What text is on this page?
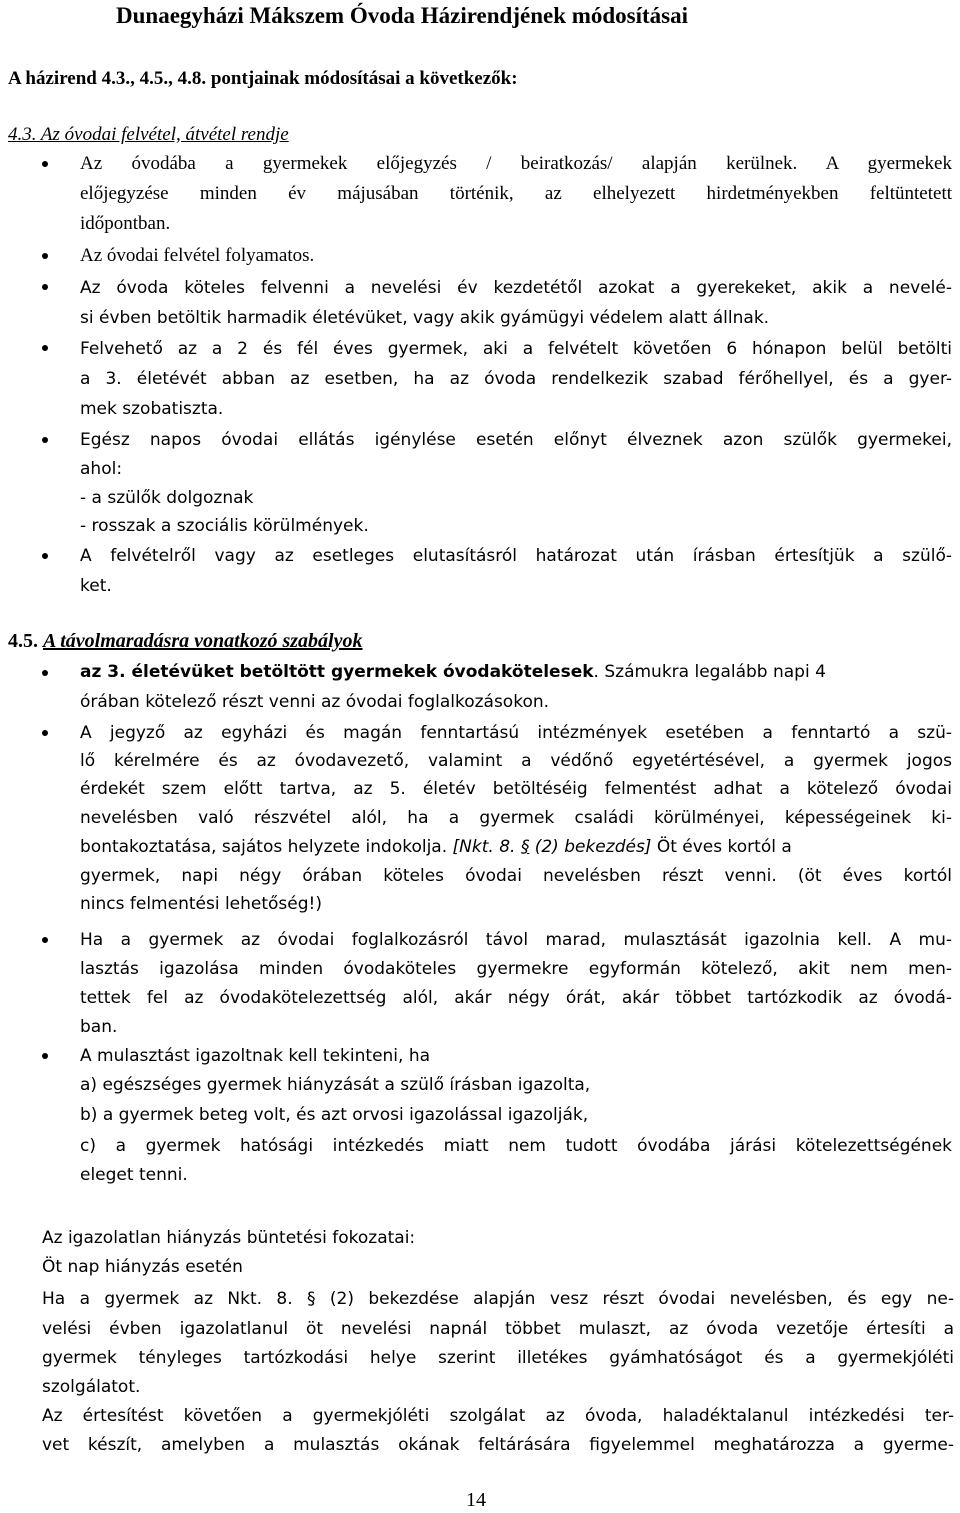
Dunaegyházi Mákszem Óvoda Házirendjének módosításai

A házirend 4.3., 4.5., 4.8. pontjainak módosításai a következők:

4.3. Az óvodai felvétel, átvétel rendje

Az óvodába a gyermekek előjegyzés / beiratkozás/ alapján kerülnek. A gyermekek

előjegyzése minden év májusában történik, az elhelyezett hirdetményekben feltüntetett

időpontban.

Az óvodai felvétel folyamatos.

Az óvoda köteles felvenni a nevelési év kezdetétől azokat a gyerekeket, akik a nevelé-

si évben betöltik harmadik életévüket, vagy akik gyámügyi védelem alatt állnak.

Felvehető az a 2 és fél éves gyermek, aki a felvételt követően 6 hónapon belül betölti

a 3. életévét abban az esetben, ha az óvoda rendelkezik szabad férőhellyel, és a gyer-

mek szobatiszta.

Egész napos óvodai ellátás igénylése esetén előnyt élveznek azon szülők gyermekei,

ahol:

- a szülők dolgoznak

- rosszak a szociális körülmények.

A felvételről vagy az esetleges elutasításról határozat után írásban értesítjük a szülő-

ket.

4.5. A távolmaradásra vonatkozó szabályok

az 3. életévüket betöltött gyermekek óvodakötelesek. Számukra legalább napi 4

órában kötelező részt venni az óvodai foglalkozásokon.

A jegyző az egyházi és magán fenntartású intézmények esetében a fenntartó a szü-

lő kérelmére és az óvodavezető, valamint a védőnő egyetértésével, a gyermek jogos

érdekét szem előtt tartva, az 5. életév betöltéséig felmentést adhat a kötelező óvodai

nevelésben való részvétel alól, ha a gyermek családi körülményei, képességeinek ki-

bontakoztatása, sajátos helyzete indokolja. [Nkt. 8. § (2) bekezdés] Öt éves kortól a

gyermek, napi négy órában köteles óvodai nevelésben részt venni. (öt éves kortól

nincs felmentési lehetőség!)

Ha a gyermek az óvodai foglalkozásról távol marad, mulasztását igazolnia kell. A mu-

lasztás igazolása minden óvodaköteles gyermekre egyformán kötelező, akit nem men-

tettek fel az óvodakötelezettség alól, akár négy órát, akár többet tartózkodik az óvodá-

ban.

A mulasztást igazoltnak kell tekinteni, ha

a) egészséges gyermek hiányzását a szülő írásban igazolta,

b) a gyermek beteg volt, és azt orvosi igazolással igazolják,

c) a gyermek hatósági intézkedés miatt nem tudott óvodába járási kötelezettségének

eleget tenni.

Az igazolatlan hiányzás büntetési fokozatai:

Öt nap hiányzás esetén

Ha a gyermek az Nkt. 8. § (2) bekezdése alapján vesz részt óvodai nevelésben, és egy ne-

velési évben igazolatlanul öt nevelési napnál többet mulaszt, az óvoda vezetője értesíti a

gyermek tényleges tartózkodási helye szerint illetékes gyámhatóságot és a gyermekjóléti

szolgálatot.

Az értesítést követően a gyermekjóléti szolgálat az óvoda, haladéktalanul intézkedési ter-

vet készít, amelyben a mulasztás okának feltárására figyelemmel meghatározza a gyerme-

14
